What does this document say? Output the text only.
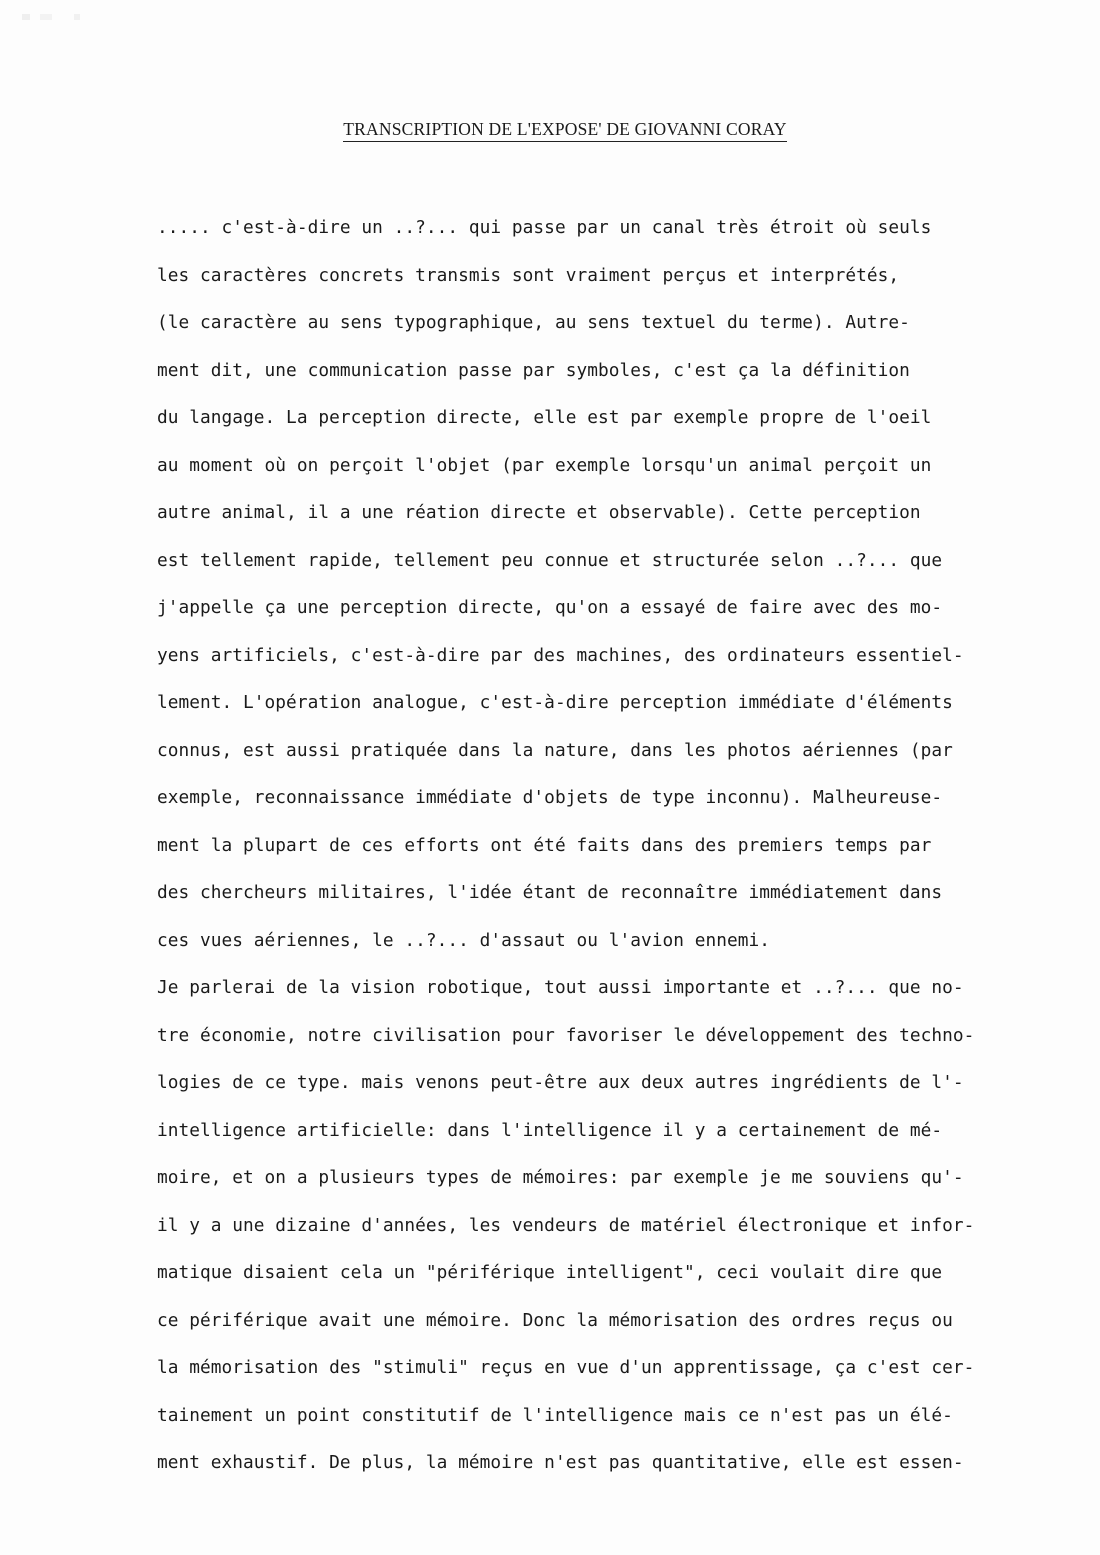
TRANSCRIPTION DE L'EXPOSE' DE GIOVANNI CORAY
..... c'est-à-dire un ..?... qui passe par un canal très étroit où seuls
les caractères concrets transmis sont vraiment perçus et interprétés,
(le caractère au sens typographique, au sens textuel du terme). Autre-
ment dit, une communication passe par symboles, c'est ça la définition
du langage. La perception directe, elle est par exemple propre de l'oeil
au moment où on perçoit l'objet (par exemple lorsqu'un animal perçoit un
autre animal, il a une réation directe et observable). Cette perception
est tellement rapide, tellement peu connue et structurée selon ..?... que
j'appelle ça une perception directe, qu'on a essayé de faire avec des mo-
yens artificiels, c'est-à-dire par des machines, des ordinateurs essentiel-
lement. L'opération analogue, c'est-à-dire perception immédiate d'éléments
connus, est aussi pratiquée dans la nature, dans les photos aériennes (par
exemple, reconnaissance immédiate d'objets de type inconnu). Malheureuse-
ment la plupart de ces efforts ont été faits dans des premiers temps par
des chercheurs militaires, l'idée étant de reconnaître immédiatement dans
ces vues aériennes, le ..?... d'assaut ou l'avion ennemi.
Je parlerai de la vision robotique, tout aussi importante et ..?... que no-
tre économie, notre civilisation pour favoriser le développement des techno-
logies de ce type. mais venons peut-être aux deux autres ingrédients de l'-
intelligence artificielle: dans l'intelligence il y a certainement de mé-
moire, et on a plusieurs types de mémoires: par exemple je me souviens qu'-
il y a une dizaine d'années, les vendeurs de matériel électronique et infor-
matique disaient cela un "périférique intelligent", ceci voulait dire que
ce périférique avait une mémoire. Donc la mémorisation des ordres reçus ou
la mémorisation des "stimuli" reçus en vue d'un apprentissage, ça c'est cer-
tainement un point constitutif de l'intelligence mais ce n'est pas un élé-
ment exhaustif. De plus, la mémoire n'est pas quantitative, elle est essen-
